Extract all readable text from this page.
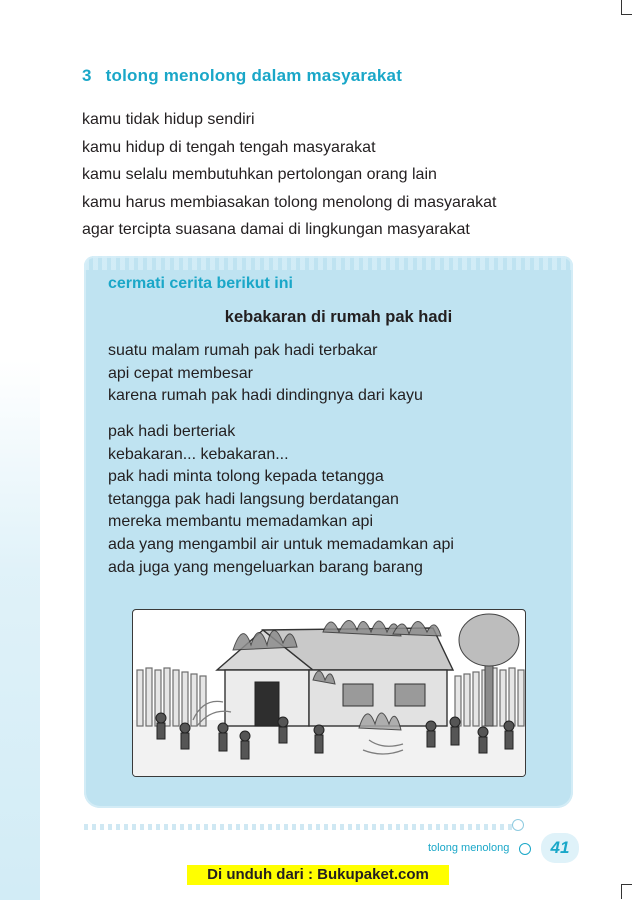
3 tolong menolong dalam masyarakat
kamu tidak hidup sendiri
kamu hidup di tengah tengah masyarakat
kamu selalu membutuhkan pertolongan orang lain
kamu harus membiasakan tolong menolong di masyarakat
agar tercipta suasana damai di lingkungan masyarakat
cermati cerita berikut ini
kebakaran di rumah pak hadi
suatu malam rumah pak hadi terbakar
api cepat membesar
karena rumah pak hadi dindingnya dari kayu
pak hadi berteriak
kebakaran... kebakaran...
pak hadi minta tolong kepada tetangga
tetangga pak hadi langsung berdatangan
mereka membantu memadamkan api
ada yang mengambil air untuk memadamkan api
ada juga yang mengeluarkan barang barang
tolong menolong	41
Di unduh dari : Bukupaket.com
